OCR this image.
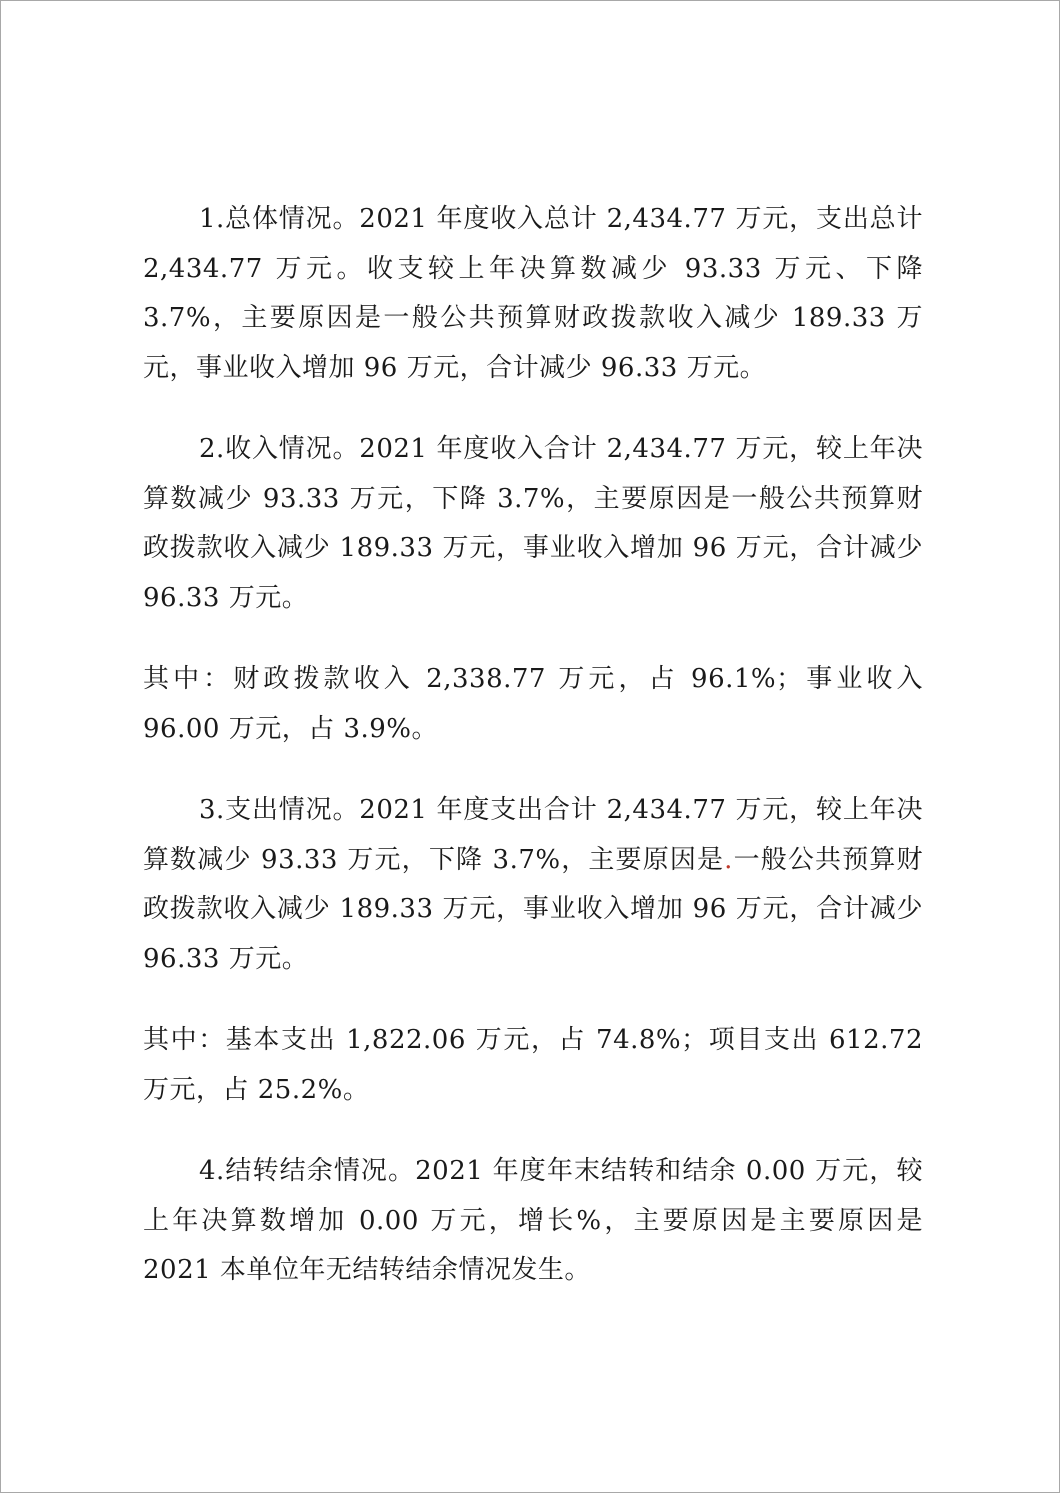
1.总体情况。2021 年度收入总计 2,434.77 万元，支出总计 2,434.77 万元。收支较上年决算数减少 93.33 万元、下降 3.7%，主要原因是一般公共预算财政拨款收入减少 189.33 万元，事业收入增加 96 万元，合计减少 96.33 万元。

2.收入情况。2021 年度收入合计 2,434.77 万元，较上年决算数减少 93.33 万元，下降 3.7%，主要原因是一般公共预算财政拨款收入减少 189.33 万元，事业收入增加 96 万元，合计减少 96.33 万元。

其中：财政拨款收入 2,338.77 万元，占 96.1%；事业收入 96.00 万元，占 3.9%。

3.支出情况。2021 年度支出合计 2,434.77 万元，较上年决算数减少 93.33 万元，下降 3.7%，主要原因是.一般公共预算财政拨款收入减少 189.33 万元，事业收入增加 96 万元，合计减少 96.33 万元。

其中：基本支出 1,822.06 万元，占 74.8%；项目支出 612.72 万元，占 25.2%。

4.结转结余情况。2021 年度年末结转和结余 0.00 万元，较上年决算数增加 0.00 万元，增长%，主要原因是主要原因是 2021 本单位年无结转结余情况发生。
